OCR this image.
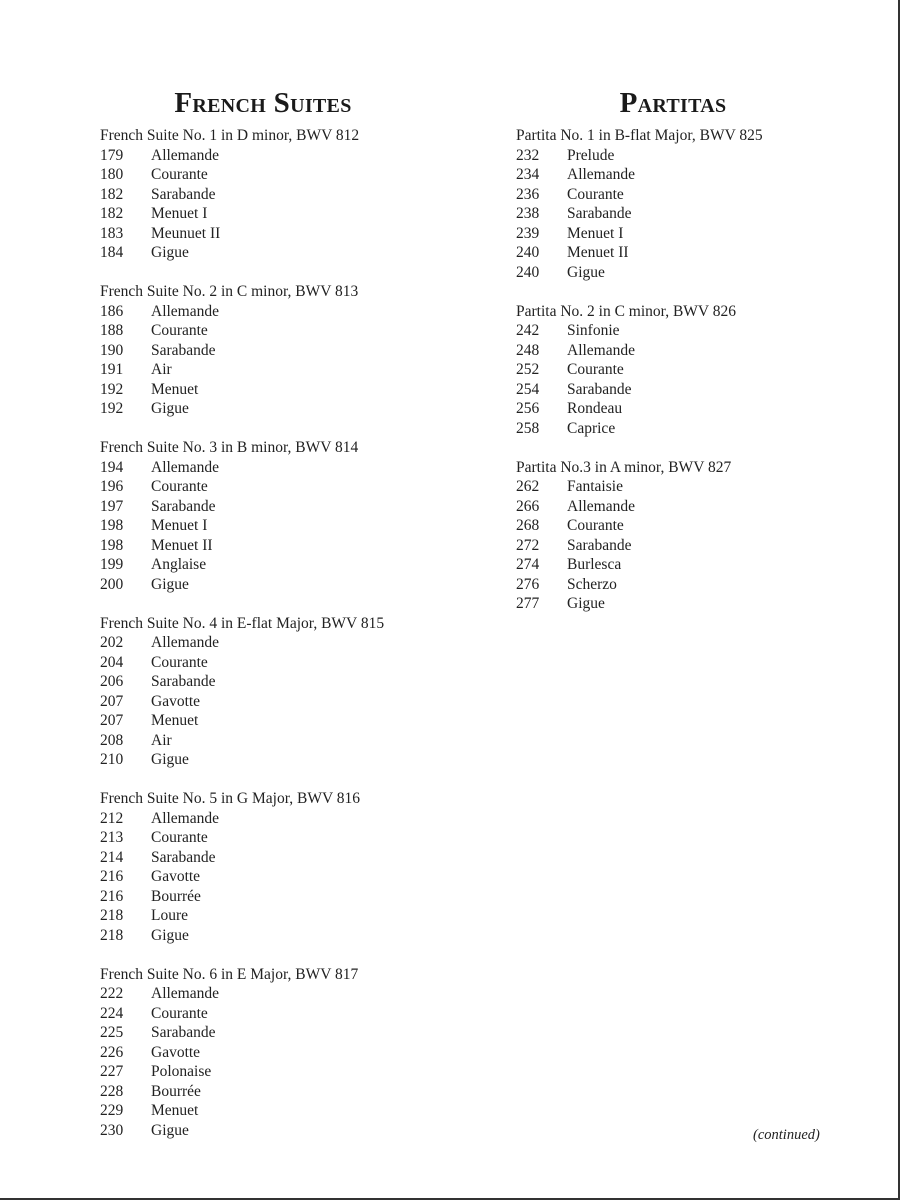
French Suites
French Suite No. 1 in D minor, BWV 812
179	Allemande
180	Courante
182	Sarabande
182	Menuet I
183	Meunuet II
184	Gigue
French Suite No. 2 in C minor, BWV 813
186	Allemande
188	Courante
190	Sarabande
191	Air
192	Menuet
192	Gigue
French Suite No. 3 in B minor, BWV 814
194	Allemande
196	Courante
197	Sarabande
198	Menuet I
198	Menuet II
199	Anglaise
200	Gigue
French Suite No. 4 in E-flat Major, BWV 815
202	Allemande
204	Courante
206	Sarabande
207	Gavotte
207	Menuet
208	Air
210	Gigue
French Suite No. 5 in G Major, BWV 816
212	Allemande
213	Courante
214	Sarabande
216	Gavotte
216	Bourrée
218	Loure
218	Gigue
French Suite No. 6 in E Major, BWV 817
222	Allemande
224	Courante
225	Sarabande
226	Gavotte
227	Polonaise
228	Bourrée
229	Menuet
230	Gigue
Partitas
Partita No. 1 in B-flat Major, BWV 825
232	Prelude
234	Allemande
236	Courante
238	Sarabande
239	Menuet I
240	Menuet II
240	Gigue
Partita No. 2 in C minor, BWV 826
242	Sinfonie
248	Allemande
252	Courante
254	Sarabande
256	Rondeau
258	Caprice
Partita No.3 in A minor, BWV 827
262	Fantaisie
266	Allemande
268	Courante
272	Sarabande
274	Burlesca
276	Scherzo
277	Gigue
(continued)
